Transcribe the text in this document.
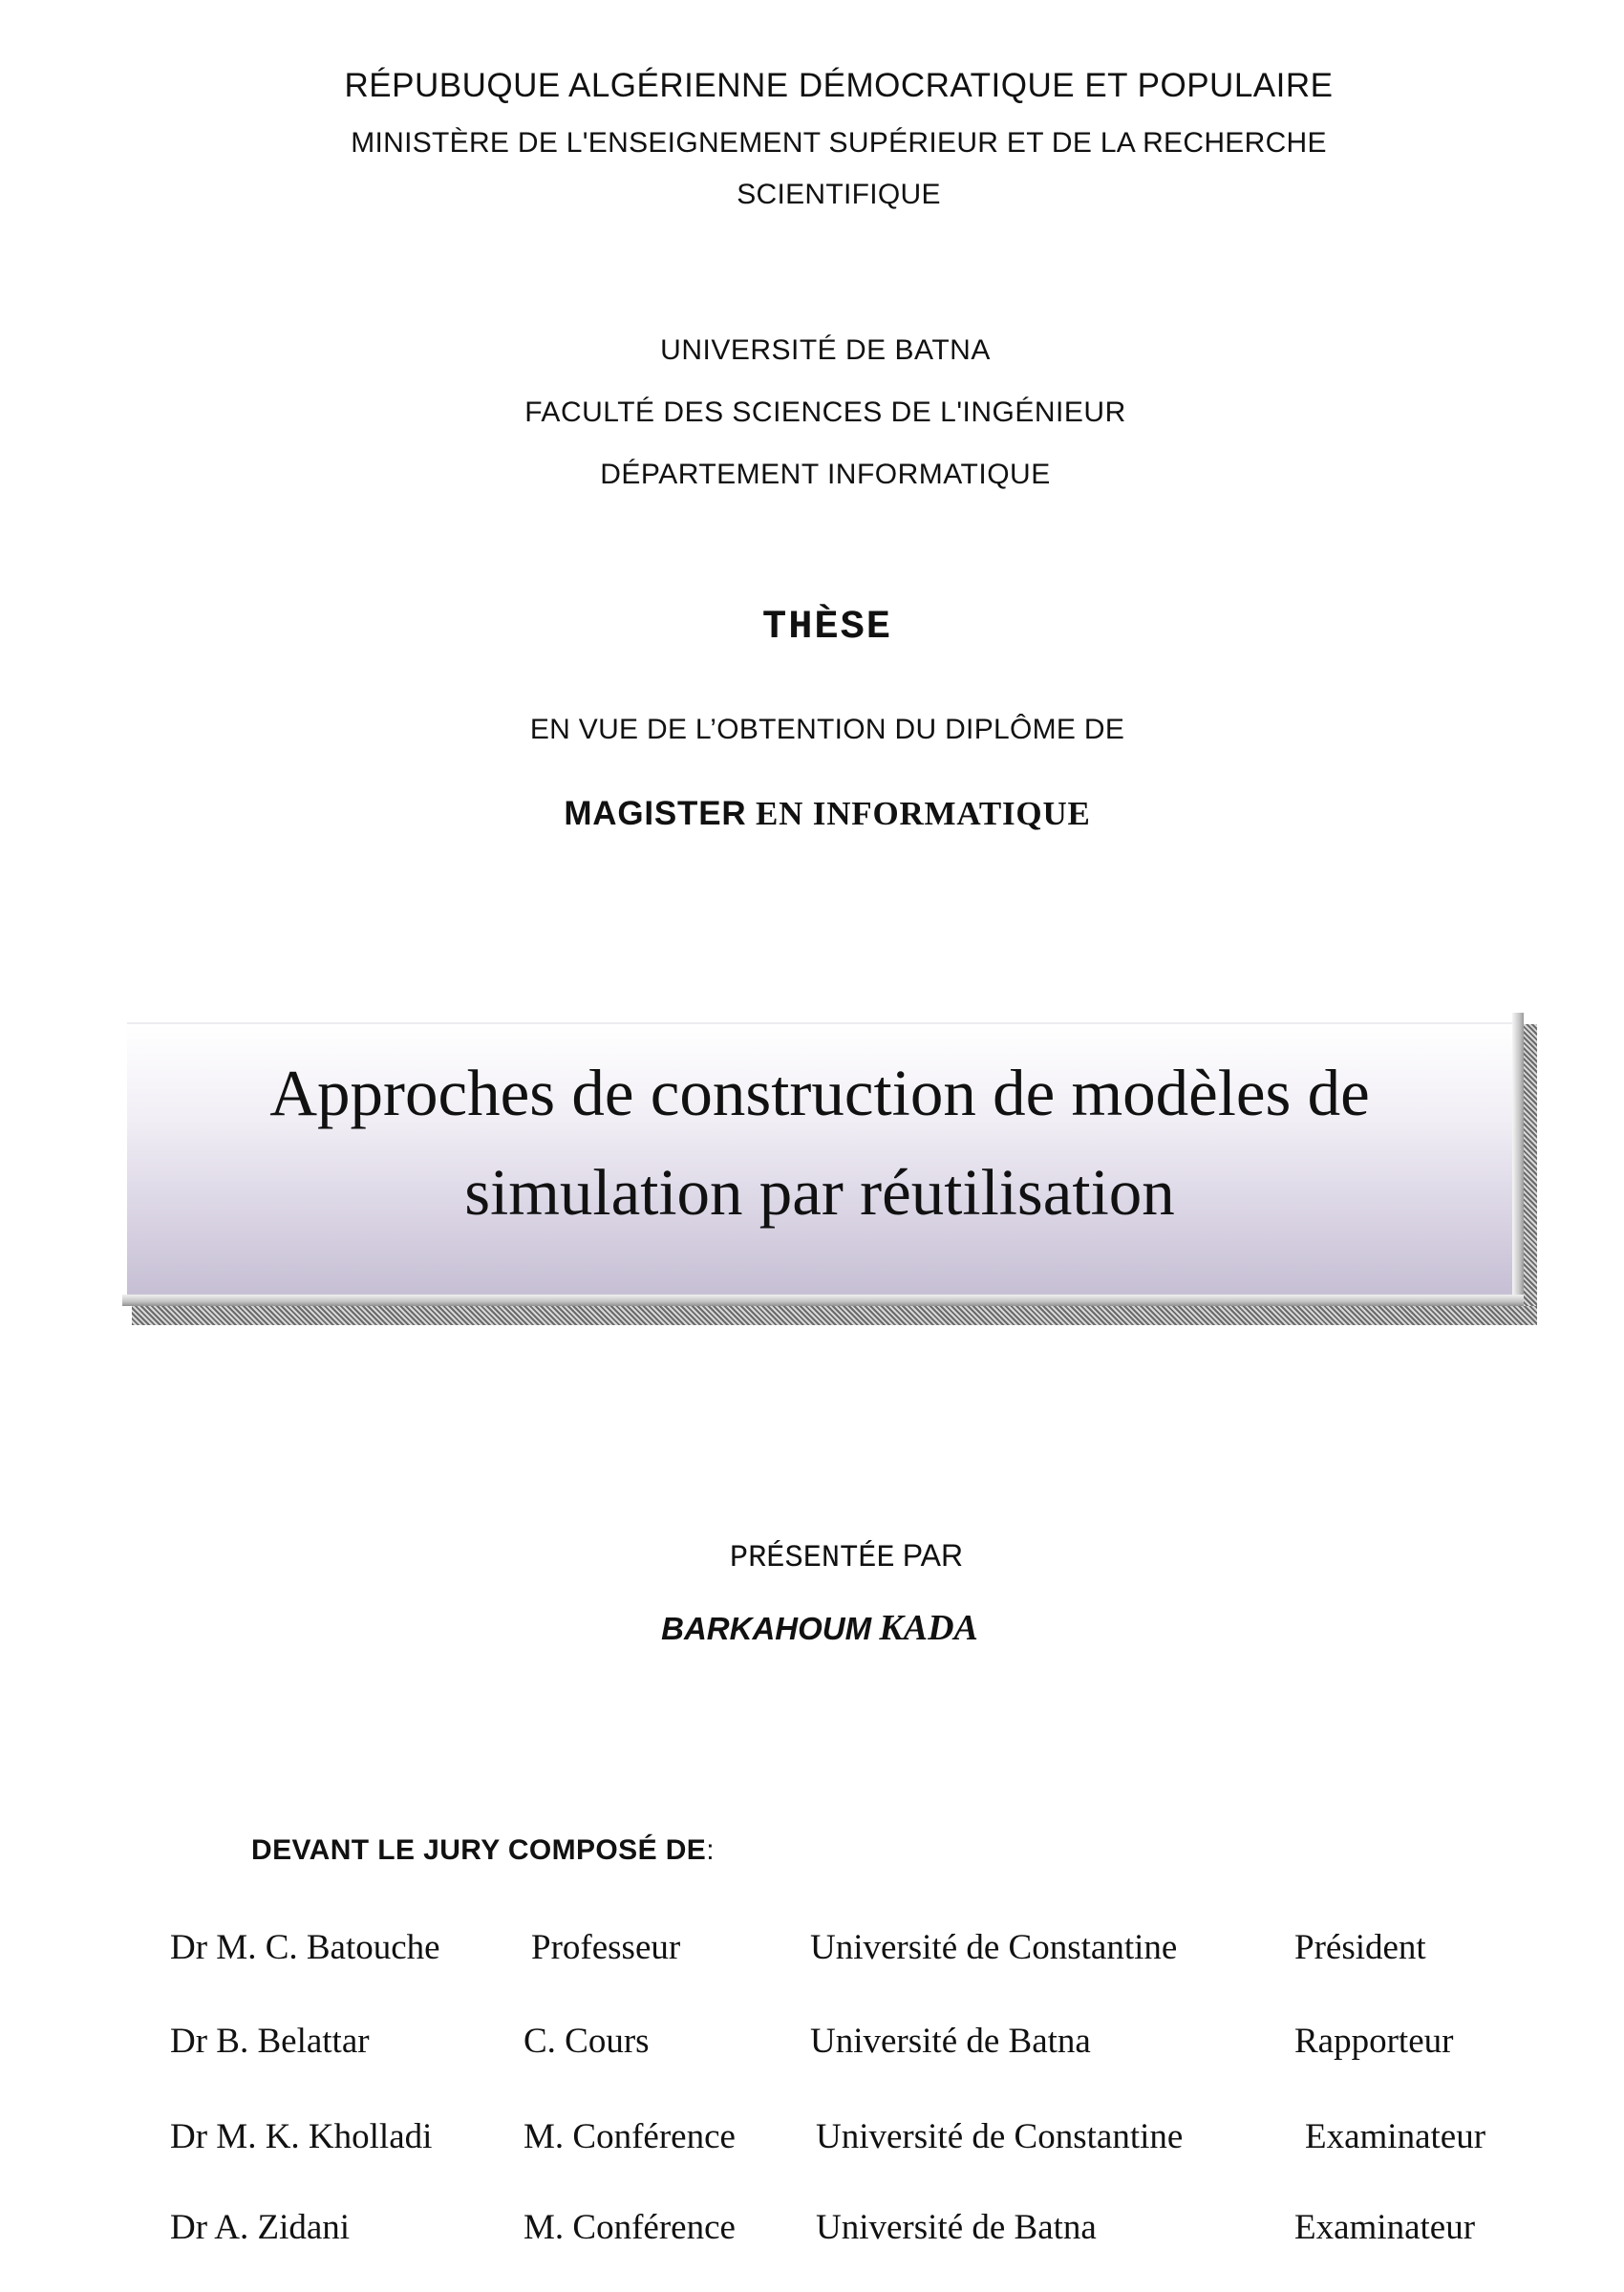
RÉPUBUQUE ALGÉRIENNE DÉMOCRATIQUE ET POPULAIRE
MINISTÈRE DE L'ENSEIGNEMENT SUPÉRIEUR ET DE LA RECHERCHE
SCIENTIFIQUE
UNIVERSITÉ DE BATNA
FACULTÉ DES SCIENCES DE L'INGÉNIEUR
DÉPARTEMENT INFORMATIQUE
THÈSE
EN VUE DE L’OBTENTION DU DIPLÔME DE
MAGISTER EN INFORMATIQUE
Approches de construction de modèles de
simulation par réutilisation
PRÉSENTÉE PAR
BARKAHOUM KADA
DEVANT LE JURY COMPOSÉ DE:
Dr M. C. Batouche	Professeur	Université de Constantine	Président
Dr B. Belattar	C. Cours	Université de Batna	Rapporteur
Dr M. K. Kholladi	M. Conférence Université de Constantine	Examinateur
Dr A. Zidani	M. Conférence Université de Batna	Examinateur
